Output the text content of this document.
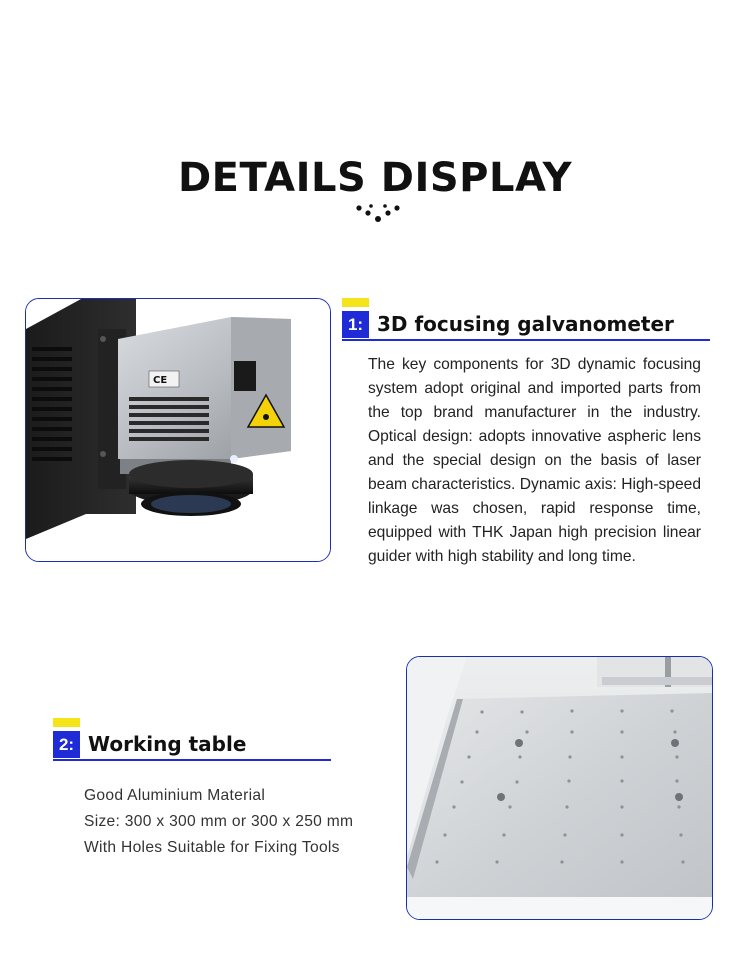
DETAILS DISPLAY
CE
1: 3D focusing galvanometer

The key components for 3D dynamic focusing system adopt original and imported parts from the top brand manufacturer in the industry. Optical design: adopts innovative aspheric lens and the special design on the basis of laser beam characteristics. Dynamic axis: High-speed linkage was chosen, rapid response time, equipped with THK Japan high precision linear guider with high stability and long time.

2: Working table
Good Aluminium Material
Size: 300 x 300 mm or 300 x 250 mm
With Holes Suitable for Fixing Tools
